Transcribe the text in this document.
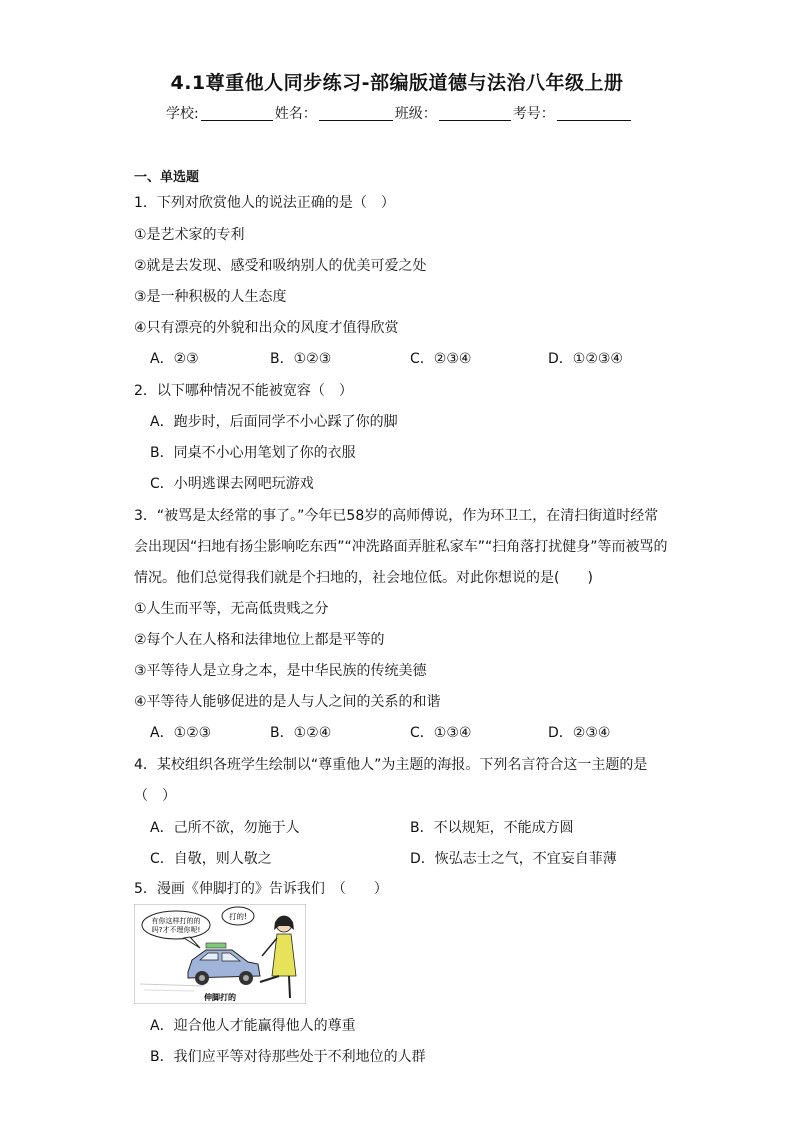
4.1尊重他人同步练习-部编版道德与法治八年级上册
学校:	姓名：	班级：	考号：
一、单选题
1．下列对欣赏他人的说法正确的是（　）
①是艺术家的专利
②就是去发现、感受和吸纳别人的优美可爱之处
③是一种积极的人生态度
④只有漂亮的外貌和出众的风度才值得欣赏
A．②③	B．①②③	C．②③④	D．①②③④
2．以下哪种情况不能被宽容（　）
A．跑步时，后面同学不小心踩了你的脚
B．同桌不小心用笔划了你的衣服
C．小明逃课去网吧玩游戏
3．“被骂是太经常的事了。”今年已58岁的高师傅说，作为环卫工，在清扫街道时经常
会出现因“扫地有扬尘影响吃东西”“冲洗路面弄脏私家车”“扫角落打扰健身”等而被骂的
情况。他们总觉得我们就是个扫地的，社会地位低。对此你想说的是(　　)
①人生而平等，无高低贵贱之分
②每个人在人格和法律地位上都是平等的
③平等待人是立身之本，是中华民族的传统美德
④平等待人能够促进的是人与人之间的关系的和谐
A．①②③	B．①②④	C．①③④	D．②③④
4．某校组织各班学生绘制以“尊重他人”为主题的海报。下列名言符合这一主题的是
（　）
A．己所不欲，勿施于人	B．不以规矩，不能成方圆
C．自敬，则人敬之	D．恢弘志士之气，不宜妄自菲薄
5．漫画《伸脚打的》告诉我们　（　　）
有你这样打的的
吗?才不理你呢!
打的!
伸脚打的
A．迎合他人才能赢得他人的尊重
B．我们应平等对待那些处于不利地位的人群
